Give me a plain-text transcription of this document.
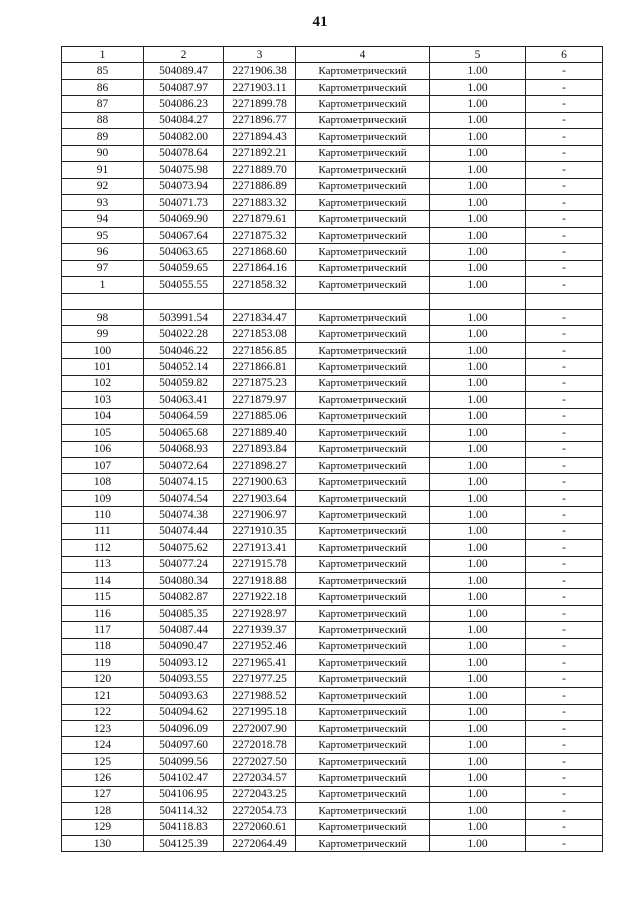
41
1	2	3	4	5	6
85	504089.47	2271906.38	Картометрический	1.00	-
86	504087.97	2271903.11	Картометрический	1.00	-
87	504086.23	2271899.78	Картометрический	1.00	-
88	504084.27	2271896.77	Картометрический	1.00	-
89	504082.00	2271894.43	Картометрический	1.00	-
90	504078.64	2271892.21	Картометрический	1.00	-
91	504075.98	2271889.70	Картометрический	1.00	-
92	504073.94	2271886.89	Картометрический	1.00	-
93	504071.73	2271883.32	Картометрический	1.00	-
94	504069.90	2271879.61	Картометрический	1.00	-
95	504067.64	2271875.32	Картометрический	1.00	-
96	504063.65	2271868.60	Картометрический	1.00	-
97	504059.65	2271864.16	Картометрический	1.00	-
1	504055.55	2271858.32	Картометрический	1.00	-

98	503991.54	2271834.47	Картометрический	1.00	-
99	504022.28	2271853.08	Картометрический	1.00	-
100	504046.22	2271856.85	Картометрический	1.00	-
101	504052.14	2271866.81	Картометрический	1.00	-
102	504059.82	2271875.23	Картометрический	1.00	-
103	504063.41	2271879.97	Картометрический	1.00	-
104	504064.59	2271885.06	Картометрический	1.00	-
105	504065.68	2271889.40	Картометрический	1.00	-
106	504068.93	2271893.84	Картометрический	1.00	-
107	504072.64	2271898.27	Картометрический	1.00	-
108	504074.15	2271900.63	Картометрический	1.00	-
109	504074.54	2271903.64	Картометрический	1.00	-
110	504074.38	2271906.97	Картометрический	1.00	-
111	504074.44	2271910.35	Картометрический	1.00	-
112	504075.62	2271913.41	Картометрический	1.00	-
113	504077.24	2271915.78	Картометрический	1.00	-
114	504080.34	2271918.88	Картометрический	1.00	-
115	504082.87	2271922.18	Картометрический	1.00	-
116	504085.35	2271928.97	Картометрический	1.00	-
117	504087.44	2271939.37	Картометрический	1.00	-
118	504090.47	2271952.46	Картометрический	1.00	-
119	504093.12	2271965.41	Картометрический	1.00	-
120	504093.55	2271977.25	Картометрический	1.00	-
121	504093.63	2271988.52	Картометрический	1.00	-
122	504094.62	2271995.18	Картометрический	1.00	-
123	504096.09	2272007.90	Картометрический	1.00	-
124	504097.60	2272018.78	Картометрический	1.00	-
125	504099.56	2272027.50	Картометрический	1.00	-
126	504102.47	2272034.57	Картометрический	1.00	-
127	504106.95	2272043.25	Картометрический	1.00	-
128	504114.32	2272054.73	Картометрический	1.00	-
129	504118.83	2272060.61	Картометрический	1.00	-
130	504125.39	2272064.49	Картометрический	1.00	-
